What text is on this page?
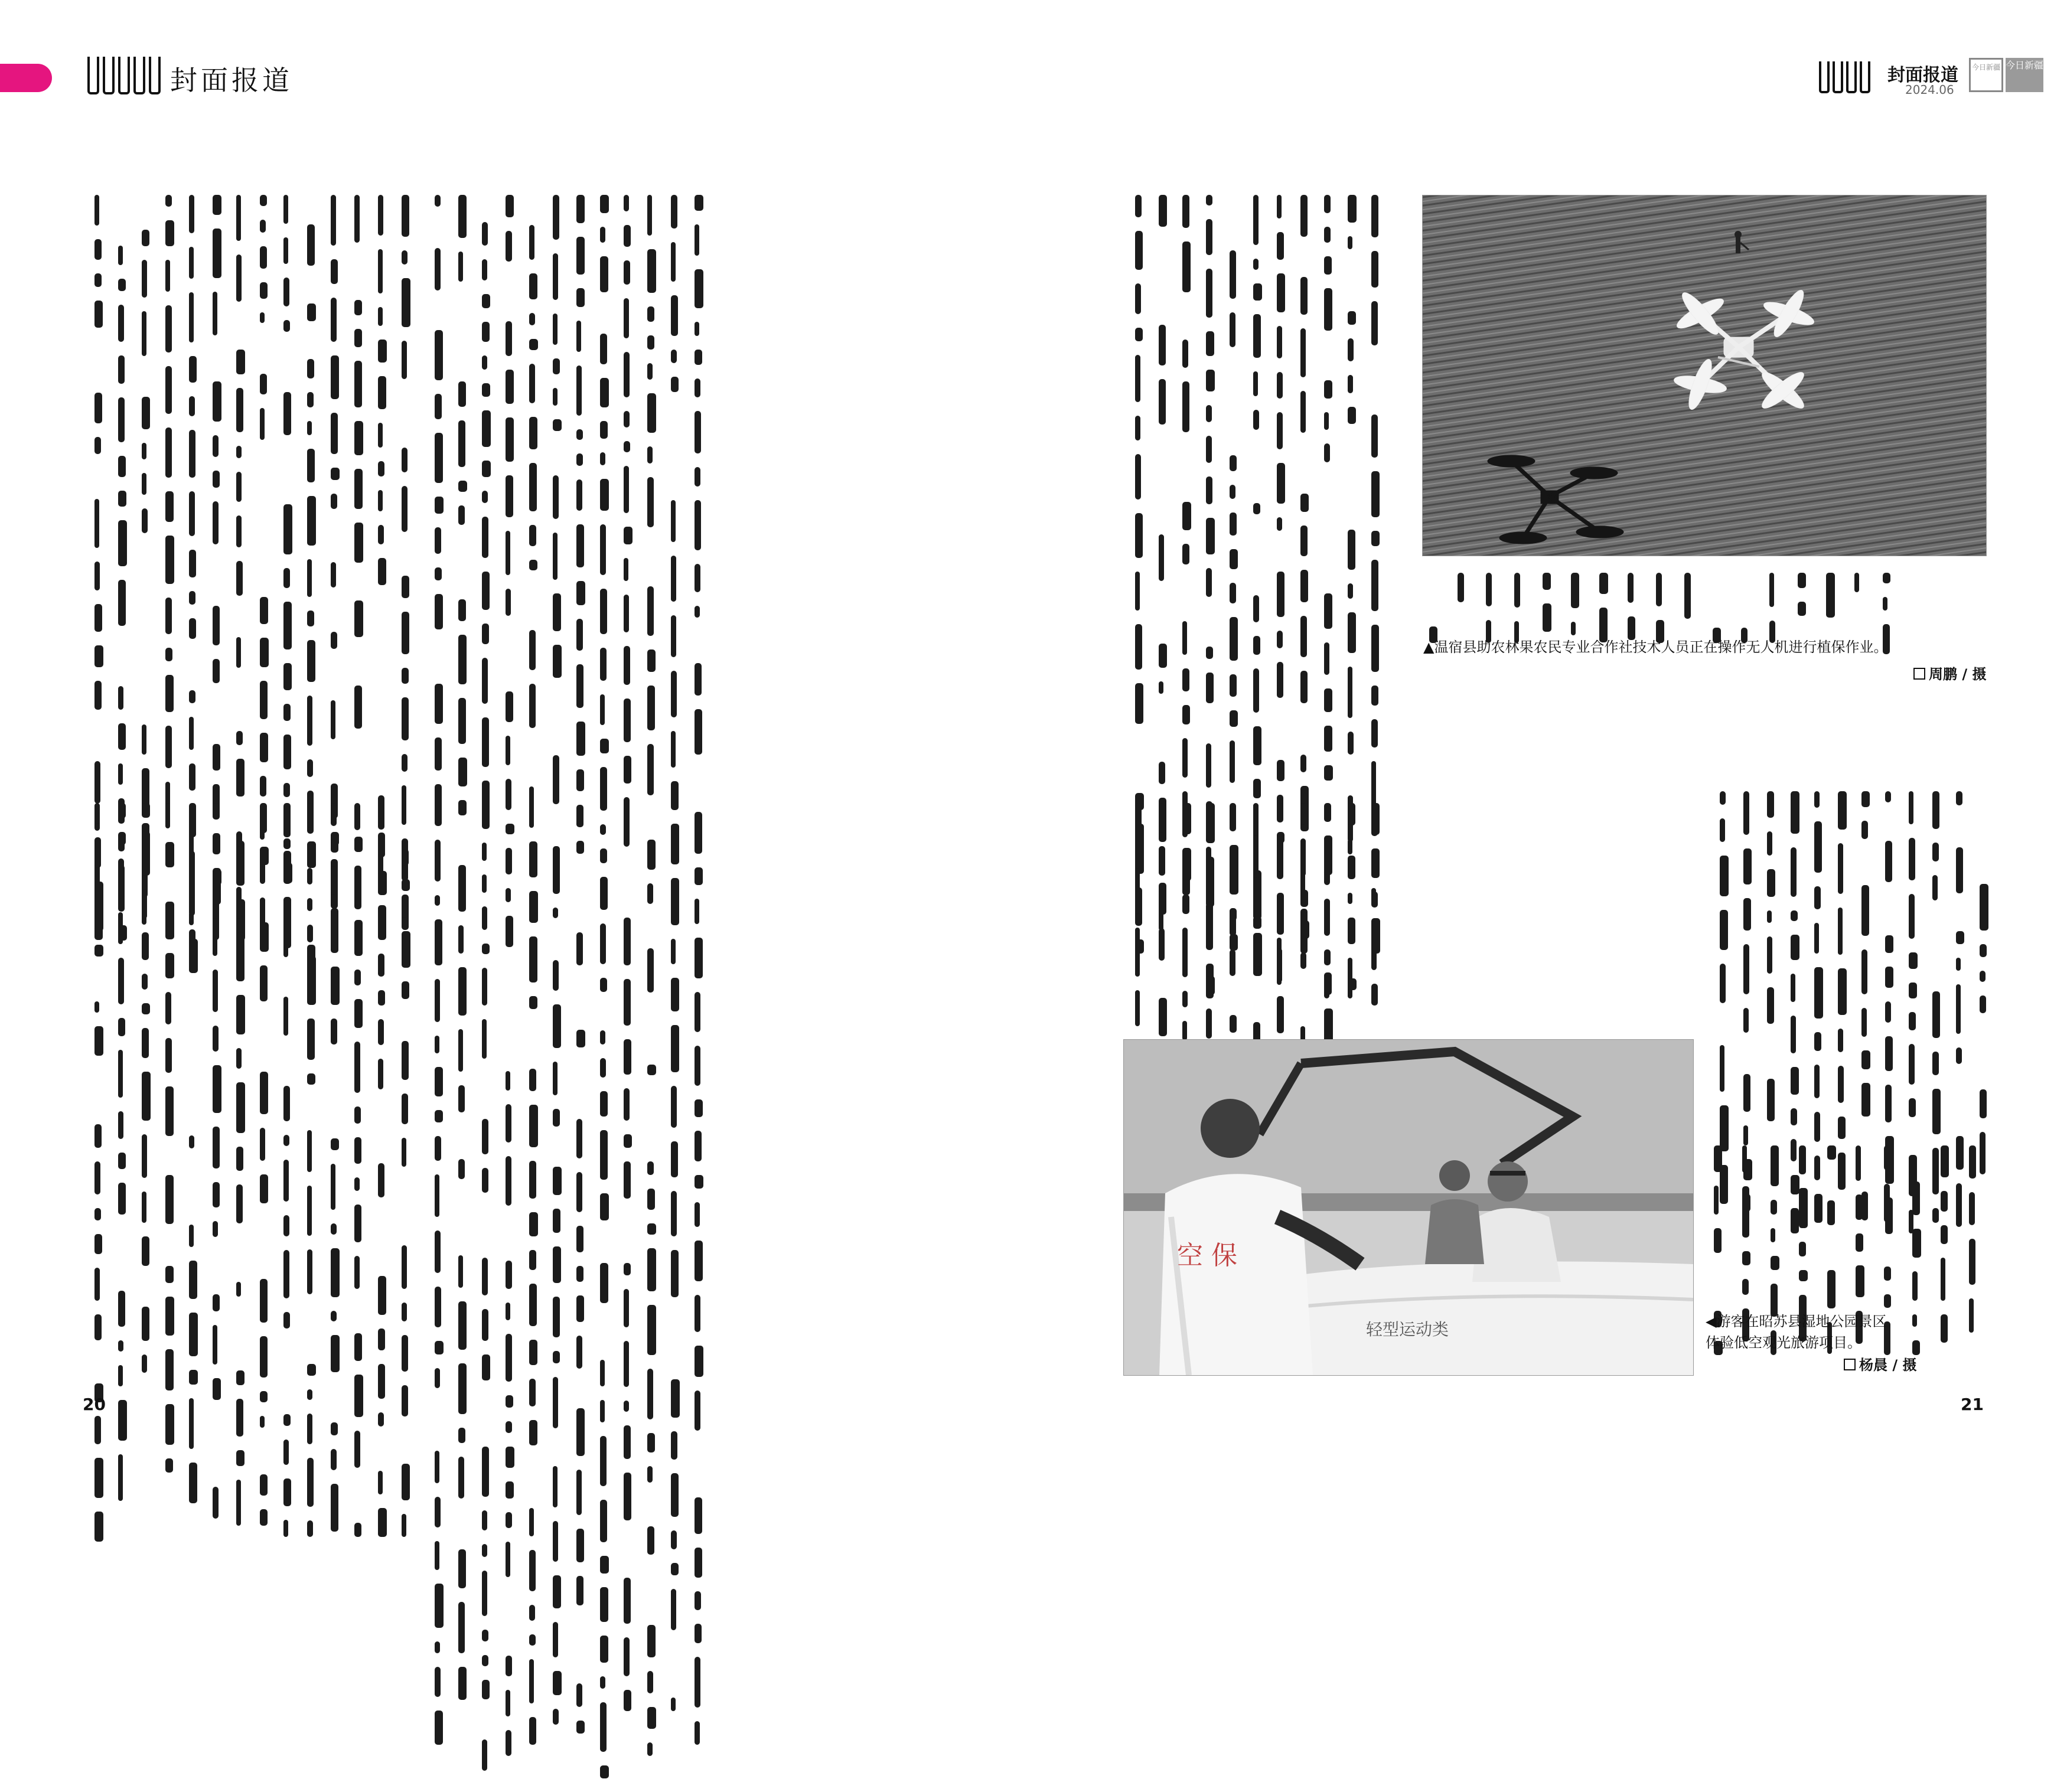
封面报道	封面报道
2024.06
今日新疆 今日新疆
▲温宿县助农林果农民专业合作社技术人员正在操作无人机进行植保作业。
周鹏 / 摄
轻型运动类
空 保
◀游客在昭苏县湿地公园景区体验低空观光旅游项目。
杨晨 / 摄
20	21
